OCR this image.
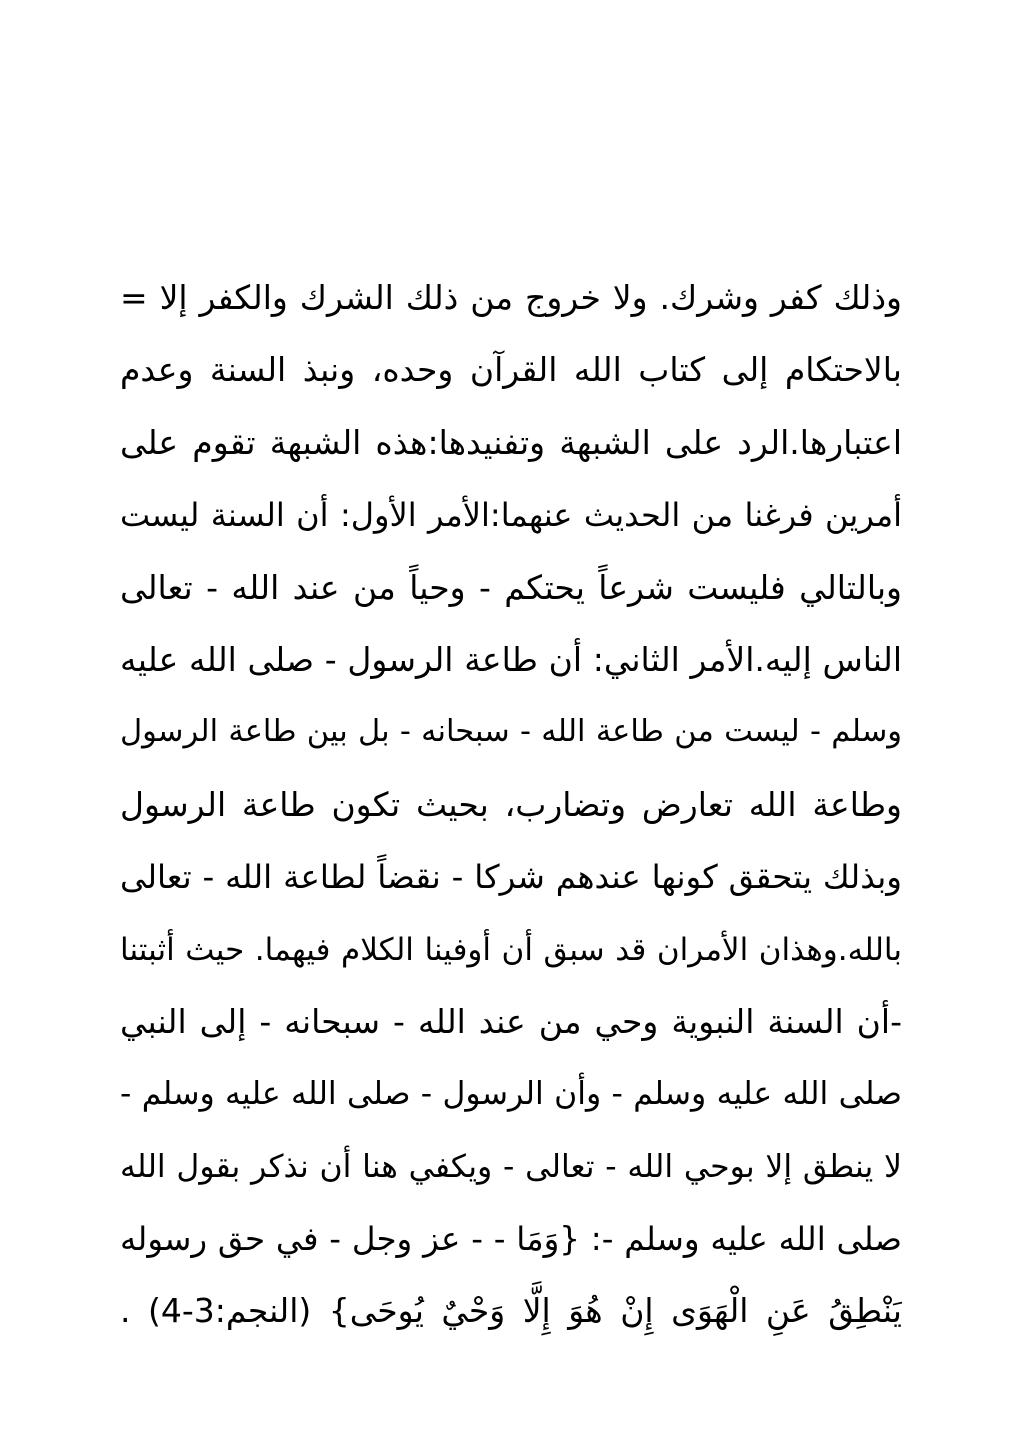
وذلك كفر وشرك. ولا خروج من ذلك الشرك والكفر إلا =
بالاحتكام إلى كتاب الله القرآن وحده، ونبذ السنة وعدم
اعتبارها.الرد على الشبهة وتفنيدها:هذه الشبهة تقوم على
أمرين فرغنا من الحديث عنهما:الأمر الأول: أن السنة ليست
وبالتالي فليست شرعاً يحتكم - وحياً من عند الله - تعالى
الناس إليه.الأمر الثاني: أن طاعة الرسول - صلى الله عليه
وسلم - ليست من طاعة الله - سبحانه - بل بين طاعة الرسول
وطاعة الله تعارض وتضارب، بحيث تكون طاعة الرسول
وبذلك يتحقق كونها عندهم شركا - نقضاً لطاعة الله - تعالى
بالله.وهذان الأمران قد سبق أن أوفينا الكلام فيهما. حيث أثبتنا
-أن السنة النبوية وحي من عند الله - سبحانه - إلى النبي
صلى الله عليه وسلم - وأن الرسول - صلى الله عليه وسلم -
لا ينطق إلا بوحي الله - تعالى - ويكفي هنا أن نذكر بقول الله
صلى الله عليه وسلم -: {وَمَا - - عز وجل - في حق رسوله
يَنْطِقُ عَنِ الْهَوَى إِنْ هُوَ إِلَّا وَحْيٌ يُوحَى} (النجم:3-4) .
